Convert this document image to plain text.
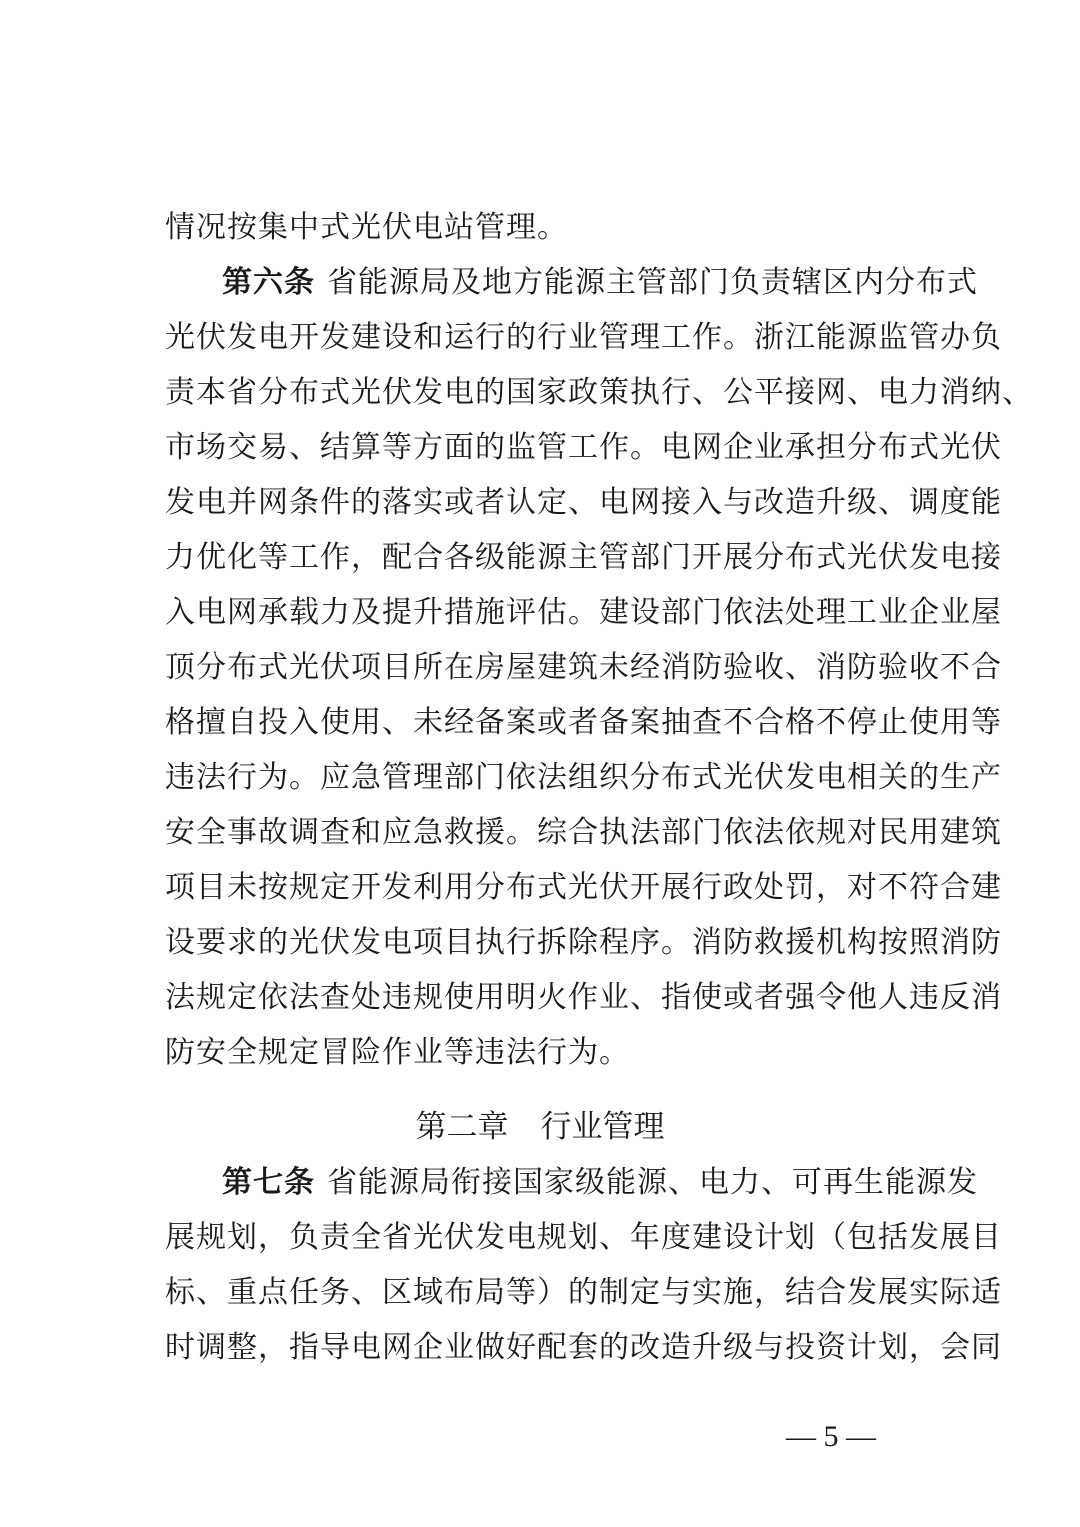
情况按集中式光伏电站管理。
第六条 省能源局及地方能源主管部门负责辖区内分布式
光伏发电开发建设和运行的行业管理工作。浙江能源监管办负
责本省分布式光伏发电的国家政策执行、公平接网、电力消纳、
市场交易、结算等方面的监管工作。电网企业承担分布式光伏
发电并网条件的落实或者认定、电网接入与改造升级、调度能
力优化等工作，配合各级能源主管部门开展分布式光伏发电接
入电网承载力及提升措施评估。建设部门依法处理工业企业屋
顶分布式光伏项目所在房屋建筑未经消防验收、消防验收不合
格擅自投入使用、未经备案或者备案抽查不合格不停止使用等
违法行为。应急管理部门依法组织分布式光伏发电相关的生产
安全事故调查和应急救援。综合执法部门依法依规对民用建筑
项目未按规定开发利用分布式光伏开展行政处罚，对不符合建
设要求的光伏发电项目执行拆除程序。消防救援机构按照消防
法规定依法查处违规使用明火作业、指使或者强令他人违反消
防安全规定冒险作业等违法行为。
第二章 行业管理
第七条 省能源局衔接国家级能源、电力、可再生能源发
展规划，负责全省光伏发电规划、年度建设计划（包括发展目
标、重点任务、区域布局等）的制定与实施，结合发展实际适
时调整，指导电网企业做好配套的改造升级与投资计划，会同
— 5 —
